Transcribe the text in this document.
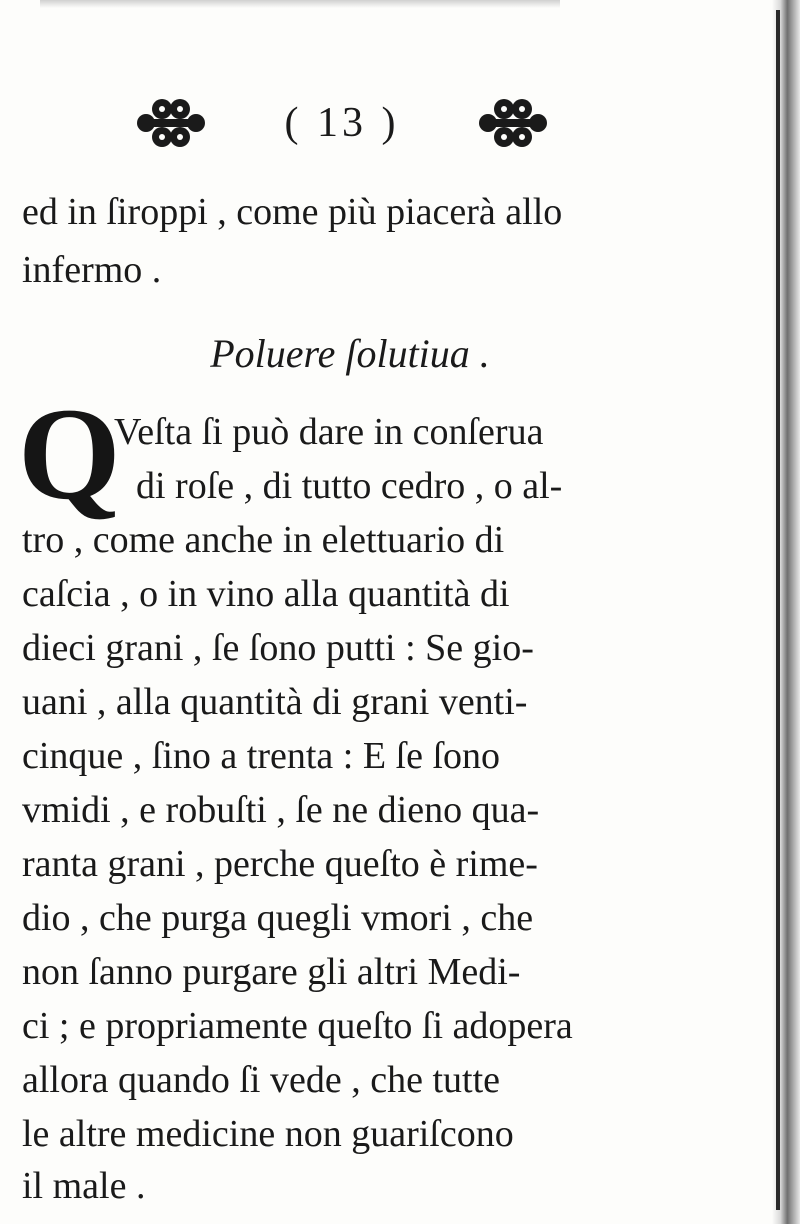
( 13 )
ed in ſiroppi , come più piacerà allo
infermo .
Poluere ſolutiua .
Q
Veſta ſi può dare in conſerua
di roſe , di tutto cedro , o al-
tro , come anche in elettuario di
caſcia , o in vino alla quantità di
dieci grani , ſe ſono putti : Se gio-
uani , alla quantità di grani venti-
cinque , ſino a trenta : E ſe ſono
vmidi , e robuſti , ſe ne dieno qua-
ranta grani , perche queſto è rime-
dio , che purga quegli vmori , che
non ſanno purgare gli altri Medi-
ci ; e propriamente queſto ſi adopera
allora quando ſi vede , che tutte
le altre medicine non guariſcono
il male .
